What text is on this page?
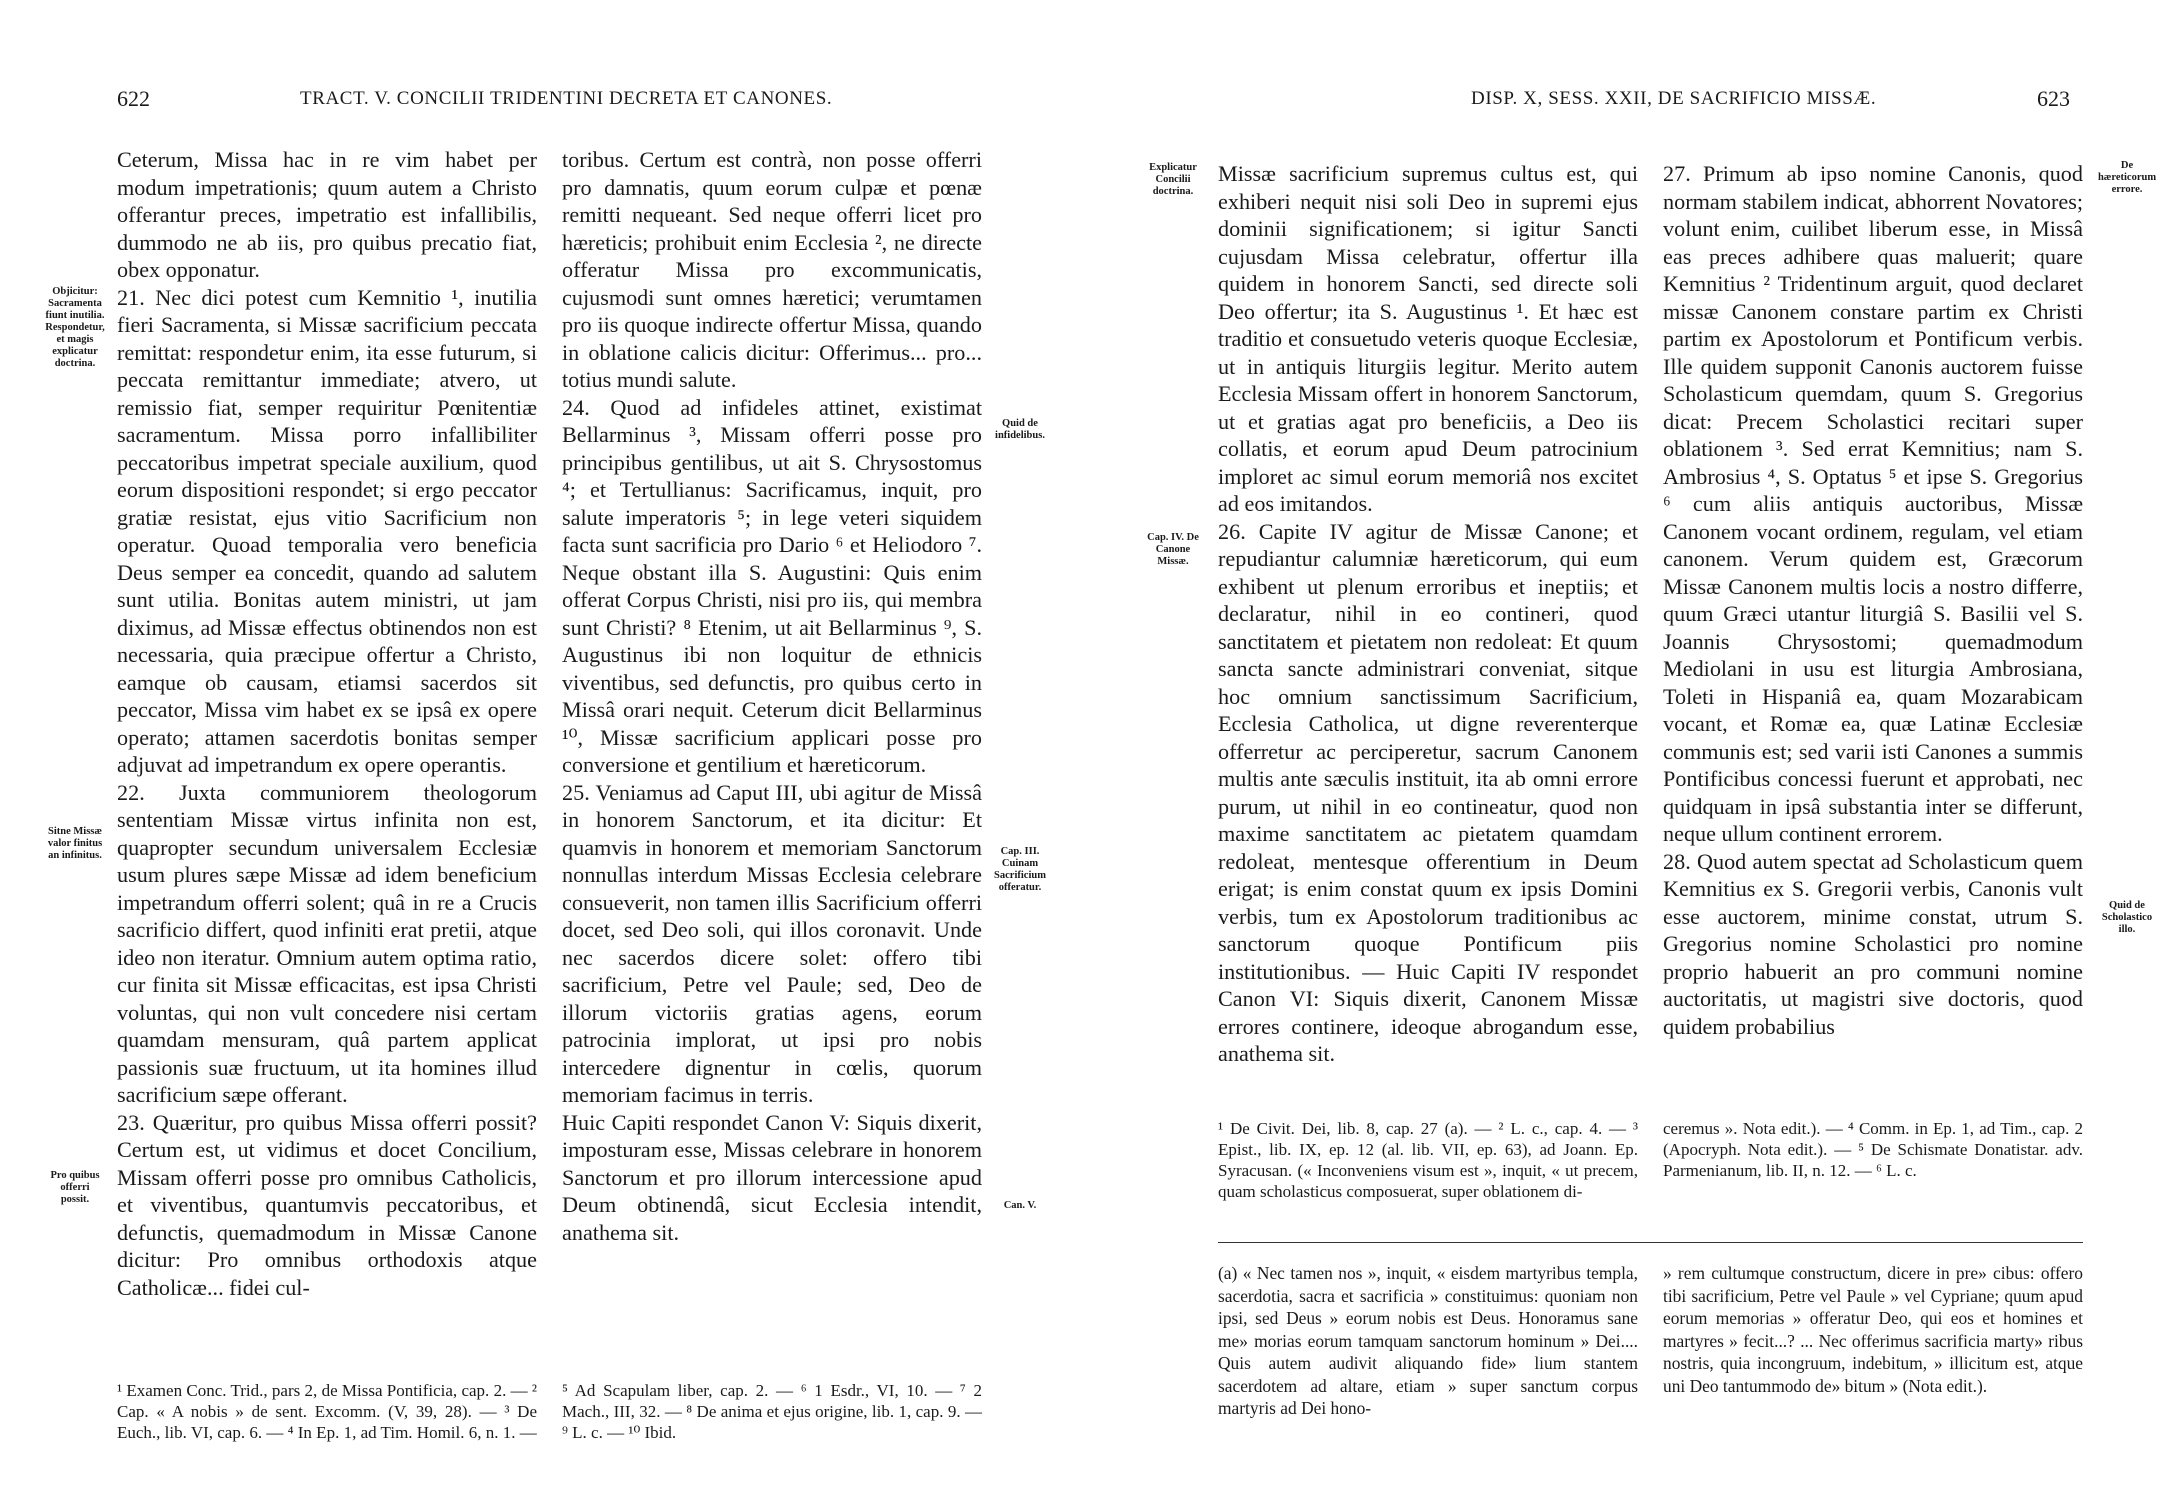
622	TRACT. V. CONCILII TRIDENTINI DECRETA ET CANONES.

Ceterum, Missa hac in re vim habet per modum impetrationis; quum autem a Christo offerantur preces, impetratio est infallibilis, dummodo ne ab iis, pro quibus precatio fiat, obex opponatur.

21. Nec dici potest cum Kemnitio ¹, inutilia fieri Sacramenta, si Missæ sacrificium peccata remittat: respondetur enim, ita esse futurum, si peccata remittantur immediate; atvero, ut remissio fiat, semper requiritur Pœnitentiæ sacramentum. Missa porro infallibiliter peccatoribus impetrat speciale auxilium, quod eorum dispositioni respondet; si ergo peccator gratiæ resistat, ejus vitio Sacrificium non operatur. Quoad temporalia vero beneficia Deus semper ea concedit, quando ad salutem sunt utilia. Bonitas autem ministri, ut jam diximus, ad Missæ effectus obtinendos non est necessaria, quia præcipue offertur a Christo, eamque ob causam, etiamsi sacerdos sit peccator, Missa vim habet ex se ipsâ ex opere operato; attamen sacerdotis bonitas semper adjuvat ad impetrandum ex opere operantis.

22. Juxta communiorem theologorum sententiam Missæ virtus infinita non est, quapropter secundum universalem Ecclesiæ usum plures sæpe Missæ ad idem beneficium impetrandum offerri solent; quâ in re a Crucis sacrificio differt, quod infiniti erat pretii, atque ideo non iteratur. Omnium autem optima ratio, cur finita sit Missæ efficacitas, est ipsa Christi voluntas, qui non vult concedere nisi certam quamdam mensuram, quâ partem applicat passionis suæ fructuum, ut ita homines illud sacrificium sæpe offerant.

23. Quæritur, pro quibus Missa offerri possit? Certum est, ut vidimus et docet Concilium, Missam offerri posse pro omnibus Catholicis, et viventibus, quantumvis peccatoribus, et defunctis, quemadmodum in Missæ Canone dicitur: Pro omnibus orthodoxis atque Catholicæ... fidei cul-

toribus. Certum est contrà, non posse offerri pro damnatis, quum eorum culpæ et pœnæ remitti nequeant. Sed neque offerri licet pro hæreticis; prohibuit enim Ecclesia ², ne directe offeratur Missa pro excommunicatis, cujusmodi sunt omnes hæretici; verumtamen pro iis quoque indirecte offertur Missa, quando in oblatione calicis dicitur: Offerimus... pro... totius mundi salute.

24. Quod ad infideles attinet, existimat Bellarminus ³, Missam offerri posse pro principibus gentilibus, ut ait S. Chrysostomus ⁴; et Tertullianus: Sacrificamus, inquit, pro salute imperatoris ⁵; in lege veteri siquidem facta sunt sacrificia pro Dario ⁶ et Heliodoro ⁷. Neque obstant illa S. Augustini: Quis enim offerat Corpus Christi, nisi pro iis, qui membra sunt Christi? ⁸ Etenim, ut ait Bellarminus ⁹, S. Augustinus ibi non loquitur de ethnicis viventibus, sed defunctis, pro quibus certo in Missâ orari nequit. Ceterum dicit Bellarminus ¹⁰, Missæ sacrificium applicari posse pro conversione et gentilium et hæreticorum.

25. Veniamus ad Caput III, ubi agitur de Missâ in honorem Sanctorum, et ita dicitur: Et quamvis in honorem et memoriam Sanctorum nonnullas interdum Missas Ecclesia celebrare consueverit, non tamen illis Sacrificium offerri docet, sed Deo soli, qui illos coronavit. Unde nec sacerdos dicere solet: offero tibi sacrificium, Petre vel Paule; sed, Deo de illorum victoriis gratias agens, eorum patrocinia implorat, ut ipsi pro nobis intercedere dignentur in cœlis, quorum memoriam facimus in terris.

Huic Capiti respondet Canon V: Siquis dixerit, imposturam esse, Missas celebrare in honorem Sanctorum et pro illorum intercessione apud Deum obtinendâ, sicut Ecclesia intendit, anathema sit.

Objicitur: Sacramenta fiunt inutilia. Respondetur, et magis explicatur doctrina.
Sitne Missæ valor finitus an infinitus.
Pro quibus offerri possit.
Quid de infidelibus.
Cap. III. Cuinam Sacrificium offeratur.
Can. V.

¹ Examen Conc. Trid., pars 2, de Missa Pontificia, cap. 2. — ² Cap. « A nobis » de sent. Excomm. (V, 39, 28). — ³ De Euch., lib. VI, cap. 6. — ⁴ In Ep. 1, ad Tim. Homil. 6, n. 1. —

⁵ Ad Scapulam liber, cap. 2. — ⁶ 1 Esdr., VI, 10. — ⁷ 2 Mach., III, 32. — ⁸ De anima et ejus origine, lib. 1, cap. 9. — ⁹ L. c. — ¹⁰ Ibid.

DISP. X, SESS. XXII, DE SACRIFICIO MISSÆ.	623

Missæ sacrificium supremus cultus est, qui exhiberi nequit nisi soli Deo in supremi ejus dominii significationem; si igitur Sancti cujusdam Missa celebratur, offertur illa quidem in honorem Sancti, sed directe soli Deo offertur; ita S. Augustinus ¹. Et hæc est traditio et consuetudo veteris quoque Ecclesiæ, ut in antiquis liturgiis legitur. Merito autem Ecclesia Missam offert in honorem Sanctorum, ut et gratias agat pro beneficiis, a Deo iis collatis, et eorum apud Deum patrocinium imploret ac simul eorum memoriâ nos excitet ad eos imitandos.

26. Capite IV agitur de Missæ Canone; et repudiantur calumniæ hæreticorum, qui eum exhibent ut plenum erroribus et ineptiis; et declaratur, nihil in eo contineri, quod sanctitatem et pietatem non redoleat: Et quum sancta sancte administrari conveniat, sitque hoc omnium sanctissimum Sacrificium, Ecclesia Catholica, ut digne reverenterque offerretur ac perciperetur, sacrum Canonem multis ante sæculis instituit, ita ab omni errore purum, ut nihil in eo contineatur, quod non maxime sanctitatem ac pietatem quamdam redoleat, mentesque offerentium in Deum erigat; is enim constat quum ex ipsis Domini verbis, tum ex Apostolorum traditionibus ac sanctorum quoque Pontificum piis institutionibus. — Huic Capiti IV respondet Canon VI: Siquis dixerit, Canonem Missæ errores continere, ideoque abrogandum esse, anathema sit.

27. Primum ab ipso nomine Canonis, quod normam stabilem indicat, abhorrent Novatores; volunt enim, cuilibet liberum esse, in Missâ eas preces adhibere quas maluerit; quare Kemnitius ² Tridentinum arguit, quod declaret missæ Canonem constare partim ex Christi partim ex Apostolorum et Pontificum verbis. Ille quidem supponit Canonis auctorem fuisse Scholasticum quemdam, quum S. Gregorius dicat: Precem Scholastici recitari super oblationem ³. Sed errat Kemnitius; nam S. Ambrosius ⁴, S. Optatus ⁵ et ipse S. Gregorius ⁶ cum aliis antiquis auctoribus, Missæ Canonem vocant ordinem, regulam, vel etiam canonem. Verum quidem est, Græcorum Missæ Canonem multis locis a nostro differre, quum Græci utantur liturgiâ S. Basilii vel S. Joannis Chrysostomi; quemadmodum Mediolani in usu est liturgia Ambrosiana, Toleti in Hispaniâ ea, quam Mozarabicam vocant, et Romæ ea, quæ Latinæ Ecclesiæ communis est; sed varii isti Canones a summis Pontificibus concessi fuerunt et approbati, nec quidquam in ipsâ substantia inter se differunt, neque ullum continent errorem.

28. Quod autem spectat ad Scholasticum quem Kemnitius ex S. Gregorii verbis, Canonis vult esse auctorem, minime constat, utrum S. Gregorius nomine Scholastici pro nomine proprio habuerit an pro communi nomine auctoritatis, ut magistri sive doctoris, quod quidem probabilius

Explicatur Concilii doctrina.
Cap. IV. De Canone Missæ.
De hæreticorum errore.
Quid de Scholastico illo.

¹ De Civit. Dei, lib. 8, cap. 27 (a). — ² L. c., cap. 4. — ³ Epist., lib. IX, ep. 12 (al. lib. VII, ep. 63), ad Joann. Ep. Syracusan. (« Inconveniens visum est », inquit, « ut precem, quam scholasticus composuerat, super oblationem di-

ceremus ». Nota edit.). — ⁴ Comm. in Ep. 1, ad Tim., cap. 2 (Apocryph. Nota edit.). — ⁵ De Schismate Donatistar. adv. Parmenianum, lib. II, n. 12. — ⁶ L. c.

(a) « Nec tamen nos », inquit, « eisdem martyribus templa, sacerdotia, sacra et sacrificia » constituimus: quoniam non ipsi, sed Deus » eorum nobis est Deus. Honoramus sane me» morias eorum tamquam sanctorum hominum » Dei.... Quis autem audivit aliquando fide» lium stantem sacerdotem ad altare, etiam » super sanctum corpus martyris ad Dei hono-

» rem cultumque constructum, dicere in pre» cibus: offero tibi sacrificium, Petre vel Paule » vel Cypriane; quum apud eorum memorias » offeratur Deo, qui eos et homines et martyres » fecit...? ... Nec offerimus sacrificia marty» ribus nostris, quia incongruum, indebitum, » illicitum est, atque uni Deo tantummodo de» bitum » (Nota edit.).
